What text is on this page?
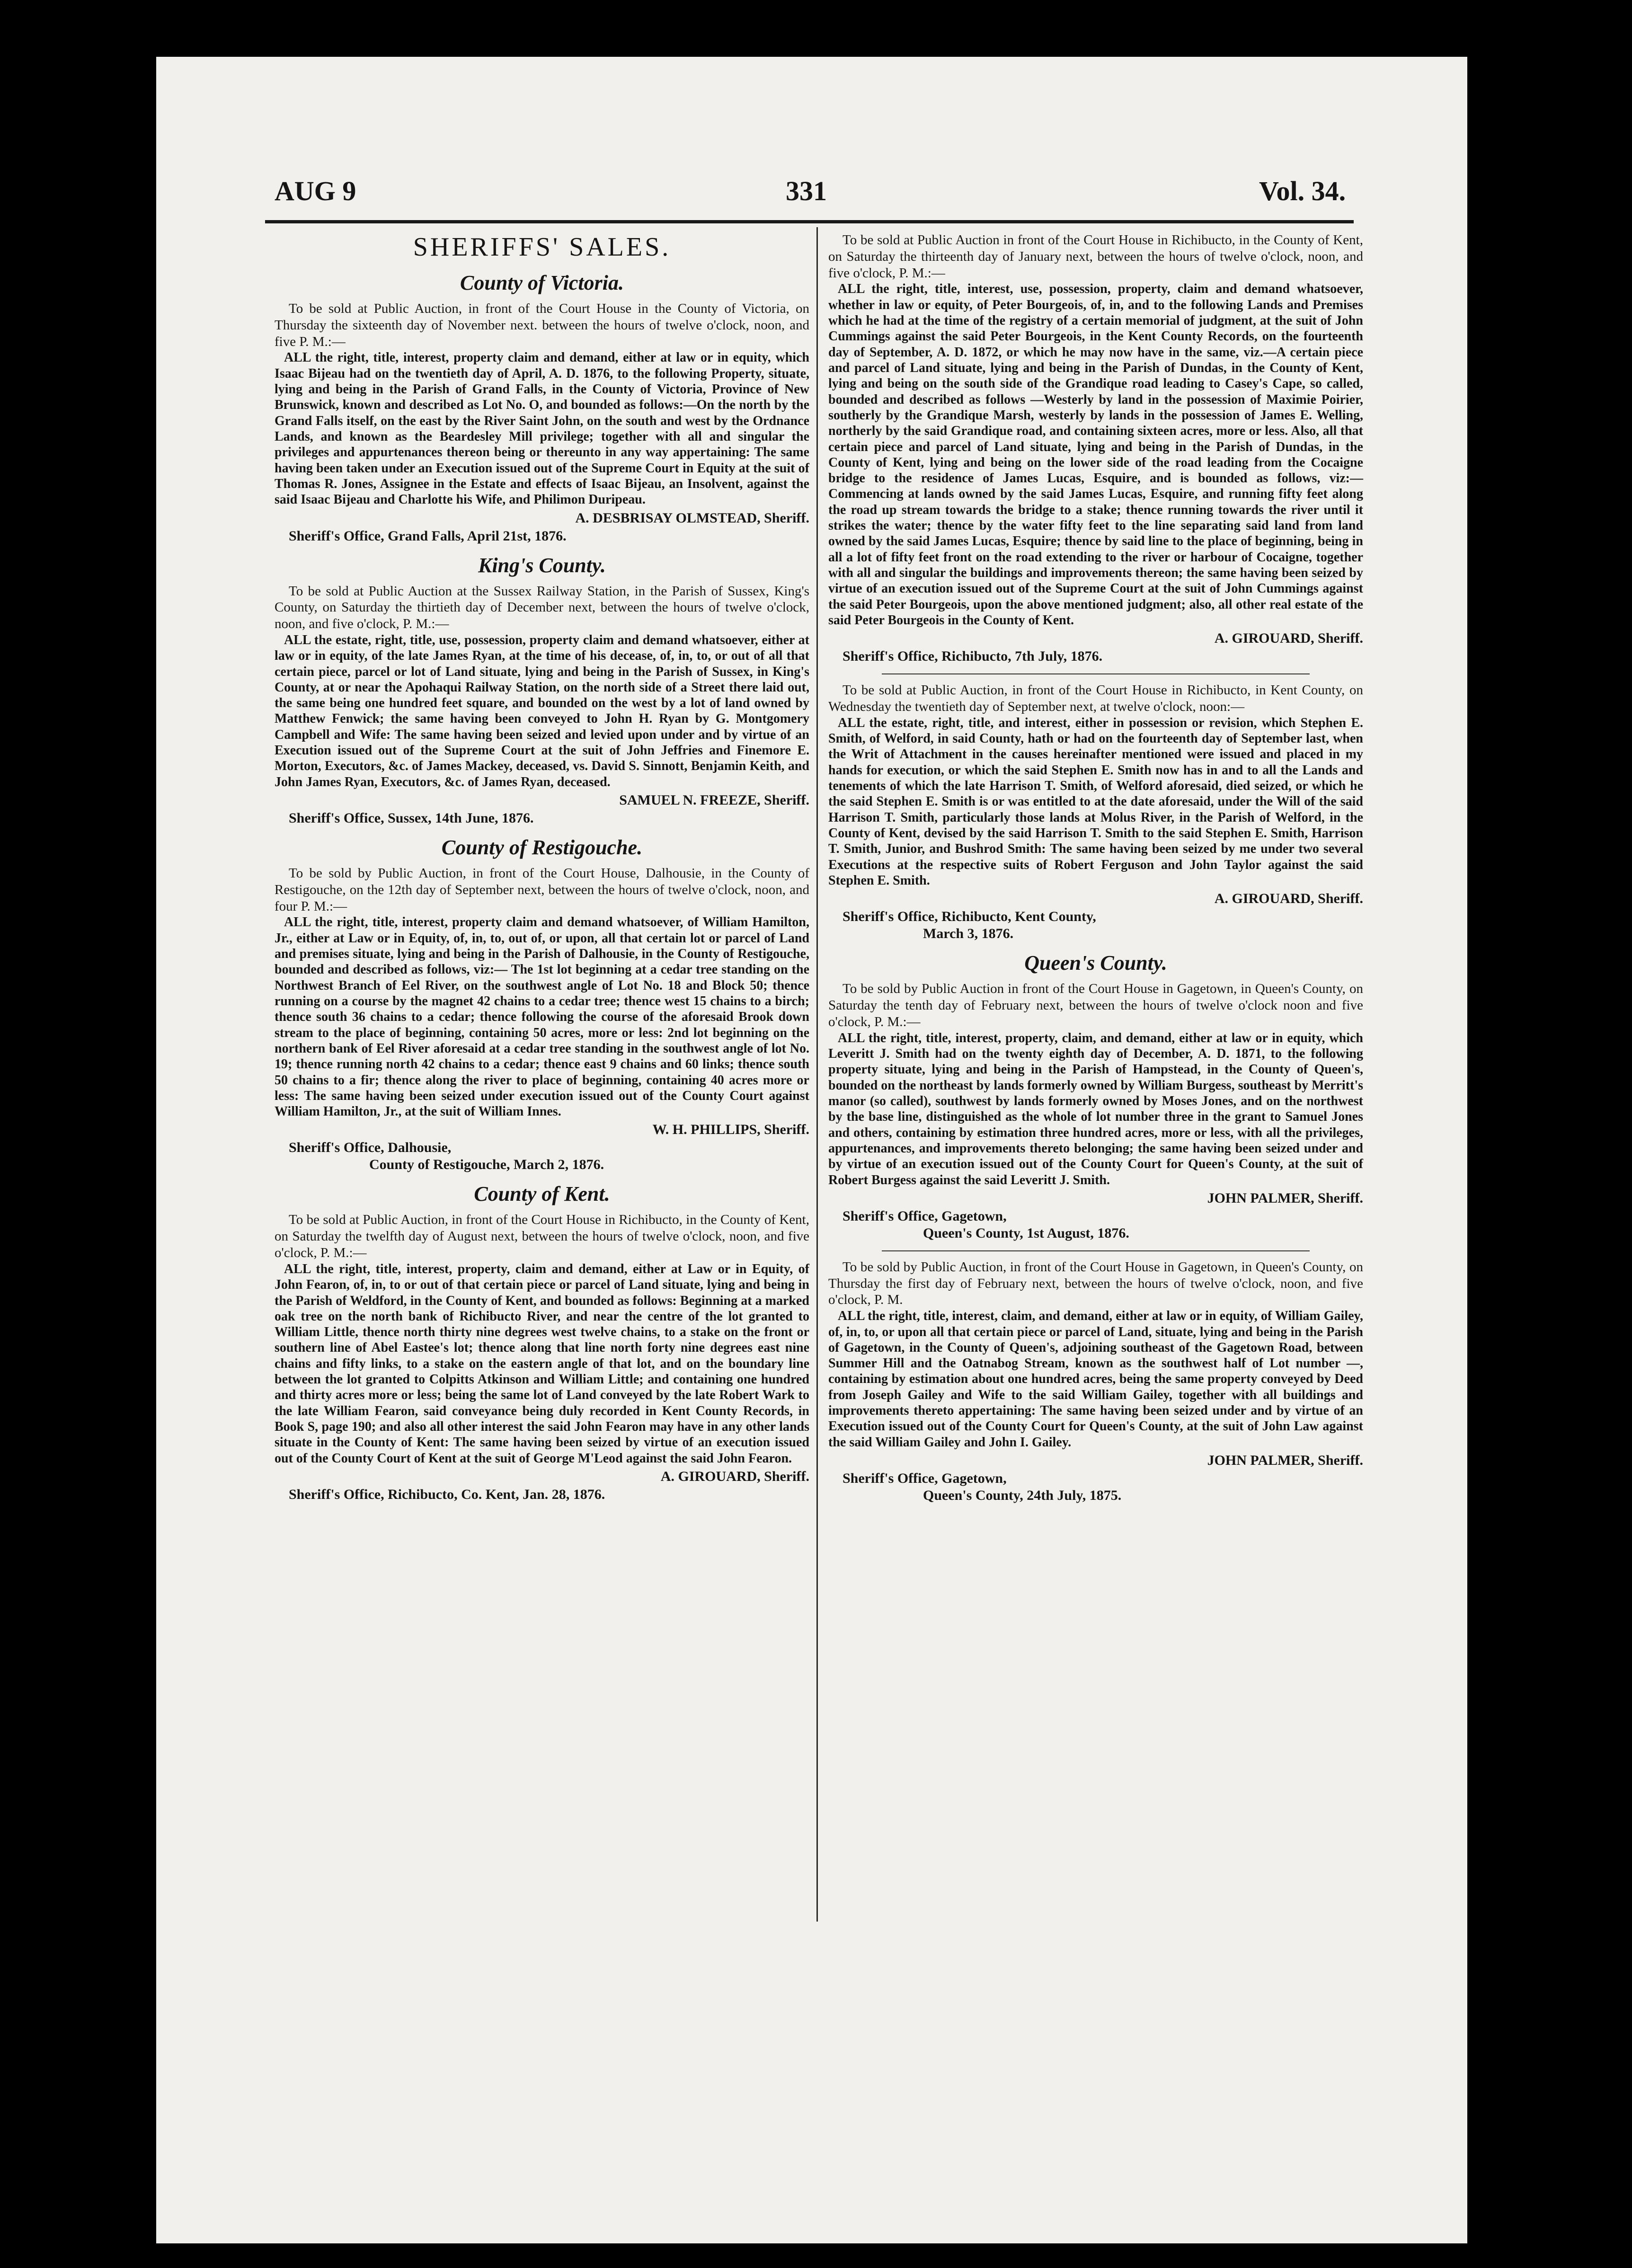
AUG 9	331	Vol. 34.
SHERIFFS' SALES.
County of Victoria.

To be sold at Public Auction, in front of the Court House in the County of Victoria, on Thursday the sixteenth day of November next. between the hours of twelve o'clock, noon, and five P. M.:—

ALL the right, title, interest, property claim and demand, either at law or in equity, which Isaac Bijeau had on the twentieth day of April, A. D. 1876, to the following Property, situate, lying and being in the Parish of Grand Falls, in the County of Victoria, Province of New Brunswick, known and described as Lot No. O, and bounded as follows:—On the north by the Grand Falls itself, on the east by the River Saint John, on the south and west by the Ordnance Lands, and known as the Beardesley Mill privilege; together with all and singular the privileges and appurtenances thereon being or thereunto in any way appertaining: The same having been taken under an Execution issued out of the Supreme Court in Equity at the suit of Thomas R. Jones, Assignee in the Estate and effects of Isaac Bijeau, an Insolvent, against the said Isaac Bijeau and Charlotte his Wife, and Philimon Duripeau.

A. DESBRISAY OLMSTEAD, Sheriff.

Sheriff's Office, Grand Falls, April 21st, 1876.

King's County.

To be sold at Public Auction at the Sussex Railway Station, in the Parish of Sussex, King's County, on Saturday the thirtieth day of December next, between the hours of twelve o'clock, noon, and five o'clock, P. M.:—

ALL the estate, right, title, use, possession, property claim and demand whatsoever, either at law or in equity, of the late James Ryan, at the time of his decease, of, in, to, or out of all that certain piece, parcel or lot of Land situate, lying and being in the Parish of Sussex, in King's County, at or near the Apohaqui Railway Station, on the north side of a Street there laid out, the same being one hundred feet square, and bounded on the west by a lot of land owned by Matthew Fenwick; the same having been conveyed to John H. Ryan by G. Montgomery Campbell and Wife: The same having been seized and levied upon under and by virtue of an Execution issued out of the Supreme Court at the suit of John Jeffries and Finemore E. Morton, Executors, &c. of James Mackey, deceased, vs. David S. Sinnott, Benjamin Keith, and John James Ryan, Executors, &c. of James Ryan, deceased.

SAMUEL N. FREEZE, Sheriff.

Sheriff's Office, Sussex, 14th June, 1876.

County of Restigouche.

To be sold by Public Auction, in front of the Court House, Dalhousie, in the County of Restigouche, on the 12th day of September next, between the hours of twelve o'clock, noon, and four P. M.:—

ALL the right, title, interest, property claim and demand whatsoever, of William Hamilton, Jr., either at Law or in Equity, of, in, to, out of, or upon, all that certain lot or parcel of Land and premises situate, lying and being in the Parish of Dalhousie, in the County of Restigouche, bounded and described as follows, viz:— The 1st lot beginning at a cedar tree standing on the Northwest Branch of Eel River, on the southwest angle of Lot No. 18 and Block 50; thence running on a course by the magnet 42 chains to a cedar tree; thence west 15 chains to a birch; thence south 36 chains to a cedar; thence following the course of the aforesaid Brook down stream to the place of beginning, containing 50 acres, more or less: 2nd lot beginning on the northern bank of Eel River aforesaid at a cedar tree standing in the southwest angle of lot No. 19; thence running north 42 chains to a cedar; thence east 9 chains and 60 links; thence south 50 chains to a fir; thence along the river to place of beginning, containing 40 acres more or less: The same having been seized under execution issued out of the County Court against William Hamilton, Jr., at the suit of William Innes.

W. H. PHILLIPS, Sheriff.

Sheriff's Office, Dalhousie,

County of Restigouche, March 2, 1876.

County of Kent.

To be sold at Public Auction, in front of the Court House in Richibucto, in the County of Kent, on Saturday the twelfth day of August next, between the hours of twelve o'clock, noon, and five o'clock, P. M.:—

ALL the right, title, interest, property, claim and demand, either at Law or in Equity, of John Fearon, of, in, to or out of that certain piece or parcel of Land situate, lying and being in the Parish of Weldford, in the County of Kent, and bounded as follows: Beginning at a marked oak tree on the north bank of Richibucto River, and near the centre of the lot granted to William Little, thence north thirty nine degrees west twelve chains, to a stake on the front or southern line of Abel Eastee's lot; thence along that line north forty nine degrees east nine chains and fifty links, to a stake on the eastern angle of that lot, and on the boundary line between the lot granted to Colpitts Atkinson and William Little; and containing one hundred and thirty acres more or less; being the same lot of Land conveyed by the late Robert Wark to the late William Fearon, said conveyance being duly recorded in Kent County Records, in Book S, page 190; and also all other interest the said John Fearon may have in any other lands situate in the County of Kent: The same having been seized by virtue of an execution issued out of the County Court of Kent at the suit of George M'Leod against the said John Fearon.

A. GIROUARD, Sheriff.

Sheriff's Office, Richibucto, Co. Kent, Jan. 28, 1876.

To be sold at Public Auction in front of the Court House in Richibucto, in the County of Kent, on Saturday the thirteenth day of January next, between the hours of twelve o'clock, noon, and five o'clock, P. M.:—

ALL the right, title, interest, use, possession, property, claim and demand whatsoever, whether in law or equity, of Peter Bourgeois, of, in, and to the following Lands and Premises which he had at the time of the registry of a certain memorial of judgment, at the suit of John Cummings against the said Peter Bourgeois, in the Kent County Records, on the fourteenth day of September, A. D. 1872, or which he may now have in the same, viz.—A certain piece and parcel of Land situate, lying and being in the Parish of Dundas, in the County of Kent, lying and being on the south side of the Grandique road leading to Casey's Cape, so called, bounded and described as follows —Westerly by land in the possession of Maximie Poirier, southerly by the Grandique Marsh, westerly by lands in the possession of James E. Welling, northerly by the said Grandique road, and containing sixteen acres, more or less. Also, all that certain piece and parcel of Land situate, lying and being in the Parish of Dundas, in the County of Kent, lying and being on the lower side of the road leading from the Cocaigne bridge to the residence of James Lucas, Esquire, and is bounded as follows, viz:—Commencing at lands owned by the said James Lucas, Esquire, and running fifty feet along the road up stream towards the bridge to a stake; thence running towards the river until it strikes the water; thence by the water fifty feet to the line separating said land from land owned by the said James Lucas, Esquire; thence by said line to the place of beginning, being in all a lot of fifty feet front on the road extending to the river or harbour of Cocaigne, together with all and singular the buildings and improvements thereon; the same having been seized by virtue of an execution issued out of the Supreme Court at the suit of John Cummings against the said Peter Bourgeois, upon the above mentioned judgment; also, all other real estate of the said Peter Bourgeois in the County of Kent.

A. GIROUARD, Sheriff.

Sheriff's Office, Richibucto, 7th July, 1876.

To be sold at Public Auction, in front of the Court House in Richibucto, in Kent County, on Wednesday the twentieth day of September next, at twelve o'clock, noon:—

ALL the estate, right, title, and interest, either in possession or revision, which Stephen E. Smith, of Welford, in said County, hath or had on the fourteenth day of September last, when the Writ of Attachment in the causes hereinafter mentioned were issued and placed in my hands for execution, or which the said Stephen E. Smith now has in and to all the Lands and tenements of which the late Harrison T. Smith, of Welford aforesaid, died seized, or which he the said Stephen E. Smith is or was entitled to at the date aforesaid, under the Will of the said Harrison T. Smith, particularly those lands at Molus River, in the Parish of Welford, in the County of Kent, devised by the said Harrison T. Smith to the said Stephen E. Smith, Harrison T. Smith, Junior, and Bushrod Smith: The same having been seized by me under two several Executions at the respective suits of Robert Ferguson and John Taylor against the said Stephen E. Smith.

A. GIROUARD, Sheriff.

Sheriff's Office, Richibucto, Kent County,

March 3, 1876.

Queen's County.

To be sold by Public Auction in front of the Court House in Gagetown, in Queen's County, on Saturday the tenth day of February next, between the hours of twelve o'clock noon and five o'clock, P. M.:—

ALL the right, title, interest, property, claim, and demand, either at law or in equity, which Leveritt J. Smith had on the twenty eighth day of December, A. D. 1871, to the following property situate, lying and being in the Parish of Hampstead, in the County of Queen's, bounded on the northeast by lands formerly owned by William Burgess, southeast by Merritt's manor (so called), southwest by lands formerly owned by Moses Jones, and on the northwest by the base line, distinguished as the whole of lot number three in the grant to Samuel Jones and others, containing by estimation three hundred acres, more or less, with all the privileges, appurtenances, and improvements thereto belonging; the same having been seized under and by virtue of an execution issued out of the County Court for Queen's County, at the suit of Robert Burgess against the said Leveritt J. Smith.

JOHN PALMER, Sheriff.

Sheriff's Office, Gagetown,

Queen's County, 1st August, 1876.

To be sold by Public Auction, in front of the Court House in Gagetown, in Queen's County, on Thursday the first day of February next, between the hours of twelve o'clock, noon, and five o'clock, P. M.

ALL the right, title, interest, claim, and demand, either at law or in equity, of William Gailey, of, in, to, or upon all that certain piece or parcel of Land, situate, lying and being in the Parish of Gagetown, in the County of Queen's, adjoining southeast of the Gagetown Road, between Summer Hill and the Oatnabog Stream, known as the southwest half of Lot number —, containing by estimation about one hundred acres, being the same property conveyed by Deed from Joseph Gailey and Wife to the said William Gailey, together with all buildings and improvements thereto appertaining: The same having been seized under and by virtue of an Execution issued out of the County Court for Queen's County, at the suit of John Law against the said William Gailey and John I. Gailey.

JOHN PALMER, Sheriff.

Sheriff's Office, Gagetown,

Queen's County, 24th July, 1875.
